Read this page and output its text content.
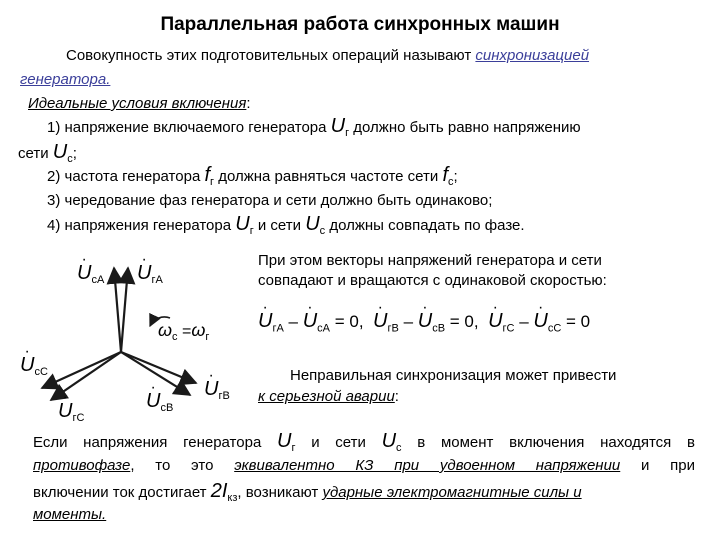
Параллельная работа синхронных машин
Совокупность этих подготовительных операций называют синхронизацией
генератора.
Идеальные условия включения:
1) напряжение включаемого генератора $U_г$ должно быть равно напряжению
сети $U_с$;
2) частота генератора $f_г$ должна равняться частоте сети $f_с$;
3) чередование фаз генератора и сети должно быть одинаково;
4) напряжения генератора $U_г$ и сети $U_с$ должны совпадать по фазе.
· $U_{сА}$
· $U_{гА}$
$\omega_с =\omega_г$
· $U_{сС}$
· $U_{гВ}$
· $U_{сВ}$
· $U_{гС}$
При этом векторы напряжений генератора и сети
совпадают и вращаются с одинаковой скоростью:
· $U_{гА}$ – · $U_{сА} = 0$,  · $U_{гВ}$ – · $U_{сВ} = 0$,  · $U_{гС}$ – · $U_{сС} = 0$
Неправильная синхронизация может привести
к серьезной аварии:
Если напряжения генератора $U_г$ и сети $U_с$ в момент включения находятся в
противофазе, то это эквивалентно КЗ при удвоенном напряжении и при
включении ток достигает $2I_{кз}$, возникают ударные электромагнитные силы и
моменты.
